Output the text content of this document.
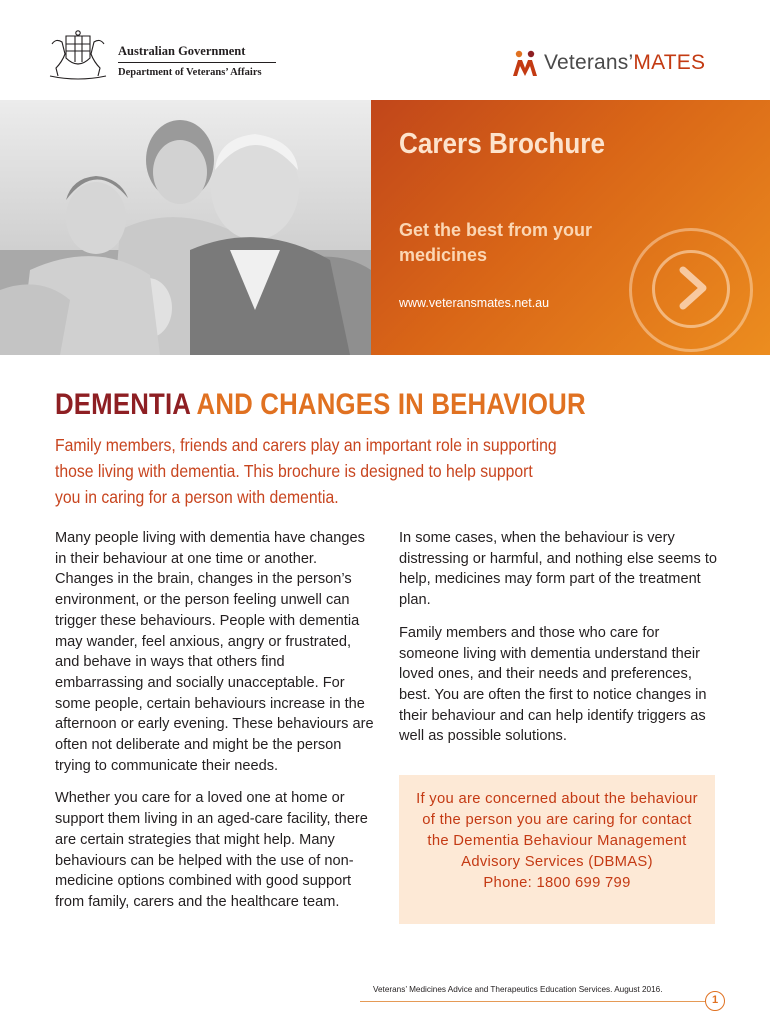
Australian Government
Department of Veterans’ Affairs	Veterans’MATES
Carers Brochure
Get the best from your medicines
www.veteransmates.net.au
DEMENTIA AND CHANGES IN BEHAVIOUR
Family members, friends and carers play an important role in supporting those living with dementia. This brochure is designed to help support you in caring for a person with dementia.

Many people living with dementia have changes in their behaviour at one time or another. Changes in the brain, changes in the person’s environment, or the person feeling unwell can trigger these behaviours. People with dementia may wander, feel anxious, angry or frustrated, and behave in ways that others find embarrassing and socially unacceptable. For some people, certain behaviours increase in the afternoon or early evening. These behaviours are often not deliberate and might be the person trying to communicate their needs.

Whether you care for a loved one at home or support them living in an aged-care facility, there are certain strategies that might help. Many behaviours can be helped with the use of non-medicine options combined with good support from family, carers and the healthcare team.

In some cases, when the behaviour is very distressing or harmful, and nothing else seems to help, medicines may form part of the treatment plan.

Family members and those who care for someone living with dementia understand their loved ones, and their needs and preferences, best. You are often the first to notice changes in their behaviour and can help identify triggers as well as possible solutions.

If you are concerned about the behaviour of the person you are caring for contact the Dementia Behaviour Management Advisory Services (DBMAS)
Phone: 1800 699 799
Veterans’ Medicines Advice and Therapeutics Education Services. August 2016.
1
